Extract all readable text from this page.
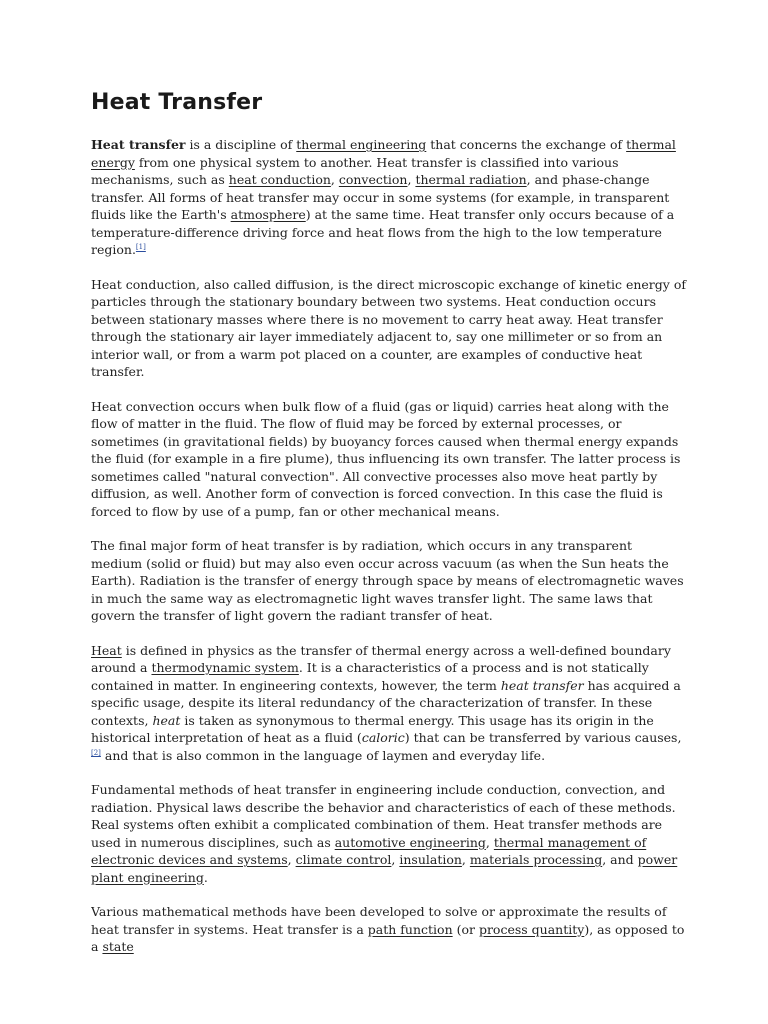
Heat Transfer

Heat transfer is a discipline of thermal engineering that concerns the exchange of thermal energy from one physical system to another. Heat transfer is classified into various mechanisms, such as heat conduction, convection, thermal radiation, and phase-change transfer. All forms of heat transfer may occur in some systems (for example, in transparent fluids like the Earth's atmosphere) at the same time. Heat transfer only occurs because of a temperature-difference driving force and heat flows from the high to the low temperature region.[1]

Heat conduction, also called diffusion, is the direct microscopic exchange of kinetic energy of particles through the stationary boundary between two systems. Heat conduction occurs between stationary masses where there is no movement to carry heat away. Heat transfer through the stationary air layer immediately adjacent to, say one millimeter or so from an interior wall, or from a warm pot placed on a counter, are examples of conductive heat transfer.

Heat convection occurs when bulk flow of a fluid (gas or liquid) carries heat along with the flow of matter in the fluid. The flow of fluid may be forced by external processes, or sometimes (in gravitational fields) by buoyancy forces caused when thermal energy expands the fluid (for example in a fire plume), thus influencing its own transfer. The latter process is sometimes called "natural convection". All convective processes also move heat partly by diffusion, as well. Another form of convection is forced convection. In this case the fluid is forced to flow by use of a pump, fan or other mechanical means.

The final major form of heat transfer is by radiation, which occurs in any transparent medium (solid or fluid) but may also even occur across vacuum (as when the Sun heats the Earth). Radiation is the transfer of energy through space by means of electromagnetic waves in much the same way as electromagnetic light waves transfer light. The same laws that govern the transfer of light govern the radiant transfer of heat.

Heat is defined in physics as the transfer of thermal energy across a well-defined boundary around a thermodynamic system. It is a characteristics of a process and is not statically contained in matter. In engineering contexts, however, the term heat transfer has acquired a specific usage, despite its literal redundancy of the characterization of transfer. In these contexts, heat is taken as synonymous to thermal energy. This usage has its origin in the historical interpretation of heat as a fluid (caloric) that can be transferred by various causes,[2] and that is also common in the language of laymen and everyday life.

Fundamental methods of heat transfer in engineering include conduction, convection, and radiation. Physical laws describe the behavior and characteristics of each of these methods. Real systems often exhibit a complicated combination of them. Heat transfer methods are used in numerous disciplines, such as automotive engineering, thermal management of electronic devices and systems, climate control, insulation, materials processing, and power plant engineering.

Various mathematical methods have been developed to solve or approximate the results of heat transfer in systems. Heat transfer is a path function (or process quantity), as opposed to a state
